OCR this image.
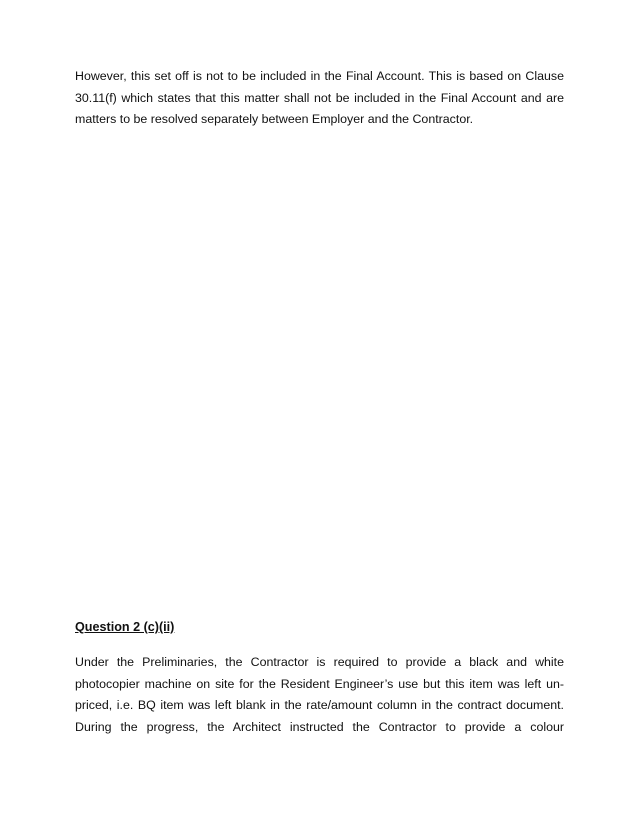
However, this set off is not to be included in the Final Account. This is based on Clause 30.11(f) which states that this matter shall not be included in the Final Account and are matters to be resolved separately between Employer and the Contractor.

Question 2 (c)(ii)

Under the Preliminaries, the Contractor is required to provide a black and white photocopier machine on site for the Resident Engineer’s use but this item was left un-priced, i.e. BQ item was left blank in the rate/amount column in the contract document. During the progress, the Architect instructed the Contractor to provide a colour
